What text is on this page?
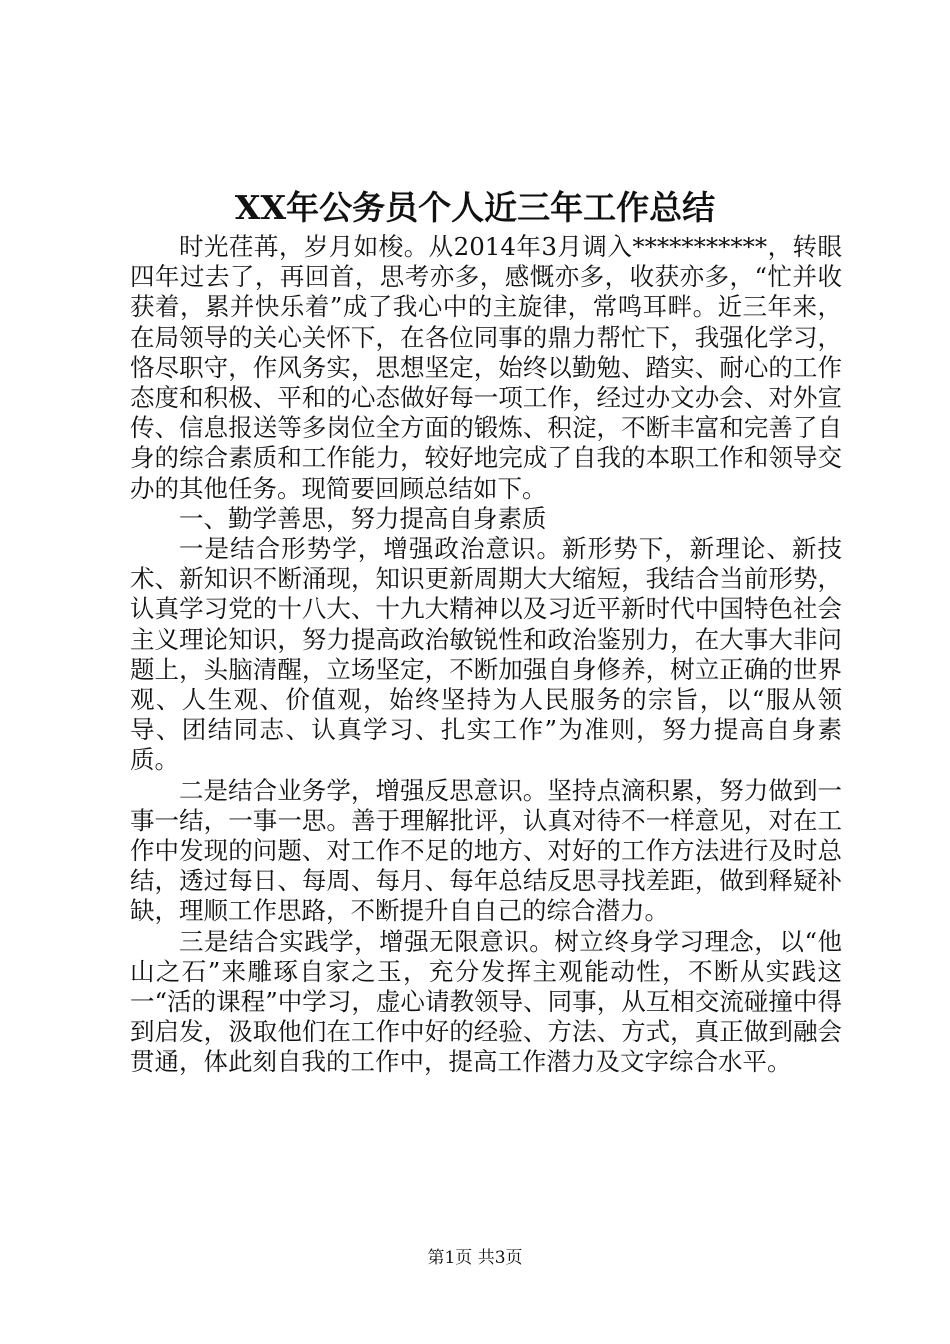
XX年公务员个人近三年工作总结

时光荏苒，岁月如梭。从2014年3月调入***********，转眼四年过去了，再回首，思考亦多，感慨亦多，收获亦多，“忙并收获着，累并快乐着”成了我心中的主旋律，常鸣耳畔。近三年来，在局领导的关心关怀下，在各位同事的鼎力帮忙下，我强化学习，恪尽职守，作风务实，思想坚定，始终以勤勉、踏实、耐心的工作态度和积极、平和的心态做好每一项工作，经过办文办会、对外宣传、信息报送等多岗位全方面的锻炼、积淀，不断丰富和完善了自身的综合素质和工作能力，较好地完成了自我的本职工作和领导交办的其他任务。现简要回顾总结如下。

一、勤学善思，努力提高自身素质

一是结合形势学，增强政治意识。新形势下，新理论、新技术、新知识不断涌现，知识更新周期大大缩短，我结合当前形势，认真学习党的十八大、十九大精神以及习近平新时代中国特色社会主义理论知识，努力提高政治敏锐性和政治鉴别力，在大事大非问题上，头脑清醒，立场坚定，不断加强自身修养，树立正确的世界观、人生观、价值观，始终坚持为人民服务的宗旨，以“服从领导、团结同志、认真学习、扎实工作”为准则，努力提高自身素质。

二是结合业务学，增强反思意识。坚持点滴积累，努力做到一事一结，一事一思。善于理解批评，认真对待不一样意见，对在工作中发现的问题、对工作不足的地方、对好的工作方法进行及时总结，透过每日、每周、每月、每年总结反思寻找差距，做到释疑补缺，理顺工作思路，不断提升自自己的综合潜力。

三是结合实践学，增强无限意识。树立终身学习理念，以“他山之石”来雕琢自家之玉，充分发挥主观能动性，不断从实践这一“活的课程”中学习，虚心请教领导、同事，从互相交流碰撞中得到启发，汲取他们在工作中好的经验、方法、方式，真正做到融会贯通，体此刻自我的工作中，提高工作潜力及文字综合水平。

第1页 共3页
